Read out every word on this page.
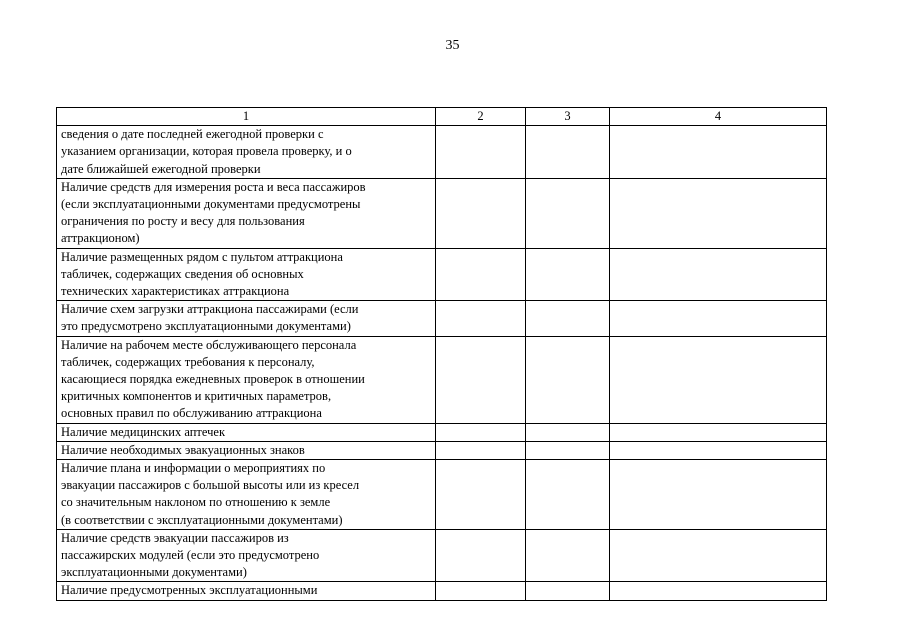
35
1	2	3	4

сведения о дате последней ежегодной проверки с
указанием организации, которая провела проверку, и о
дате ближайшей ежегодной проверки			

Наличие средств для измерения роста и веса пассажиров
(если эксплуатационными документами предусмотрены
ограничения по росту и весу для пользования
аттракционом)			

Наличие размещенных рядом с пультом аттракциона
табличек, содержащих сведения об основных
технических характеристиках аттракциона			

Наличие схем загрузки аттракциона пассажирами (если
это предусмотрено эксплуатационными документами)			

Наличие на рабочем месте обслуживающего персонала
табличек, содержащих требования к персоналу,
касающиеся порядка ежедневных проверок в отношении
критичных компонентов и критичных параметров,
основных правил по обслуживанию аттракциона			

Наличие медицинских аптечек			

Наличие необходимых эвакуационных знаков			

Наличие плана и информации о мероприятиях по
эвакуации пассажиров с большой высоты или из кресел
со значительным наклоном по отношению к земле
(в соответствии с эксплуатационными документами)			

Наличие средств эвакуации пассажиров из
пассажирских модулей (если это предусмотрено
эксплуатационными документами)			

Наличие предусмотренных эксплуатационными			
